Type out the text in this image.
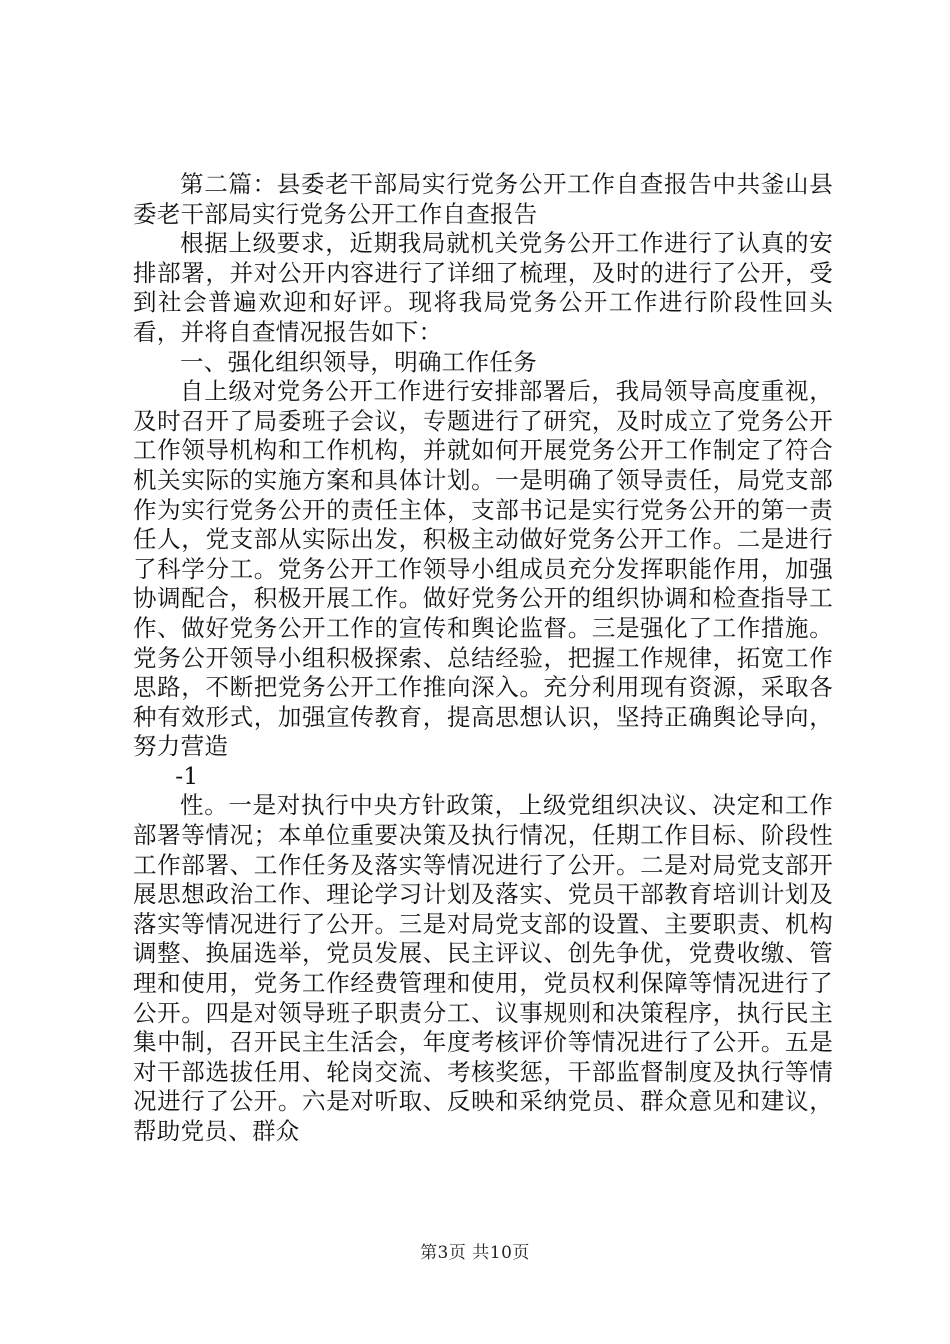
第二篇：县委老干部局实行党务公开工作自查报告中共釜山县委老干部局实行党务公开工作自查报告

根据上级要求，近期我局就机关党务公开工作进行了认真的安排部署，并对公开内容进行了详细了梳理，及时的进行了公开，受到社会普遍欢迎和好评。现将我局党务公开工作进行阶段性回头看，并将自查情况报告如下：

一、强化组织领导，明确工作任务

自上级对党务公开工作进行安排部署后，我局领导高度重视，及时召开了局委班子会议，专题进行了研究，及时成立了党务公开工作领导机构和工作机构，并就如何开展党务公开工作制定了符合机关实际的实施方案和具体计划。一是明确了领导责任，局党支部作为实行党务公开的责任主体，支部书记是实行党务公开的第一责任人，党支部从实际出发，积极主动做好党务公开工作。二是进行了科学分工。党务公开工作领导小组成员充分发挥职能作用，加强协调配合，积极开展工作。做好党务公开的组织协调和检查指导工作、做好党务公开工作的宣传和舆论监督。三是强化了工作措施。党务公开领导小组积极探索、总结经验，把握工作规律，拓宽工作思路，不断把党务公开工作推向深入。充分利用现有资源，采取各种有效形式，加强宣传教育，提高思想认识，坚持正确舆论导向，努力营造

-1

性。一是对执行中央方针政策，上级党组织决议、决定和工作部署等情况；本单位重要决策及执行情况，任期工作目标、阶段性工作部署、工作任务及落实等情况进行了公开。二是对局党支部开展思想政治工作、理论学习计划及落实、党员干部教育培训计划及落实等情况进行了公开。三是对局党支部的设置、主要职责、机构调整、换届选举，党员发展、民主评议、创先争优，党费收缴、管理和使用，党务工作经费管理和使用，党员权利保障等情况进行了公开。四是对领导班子职责分工、议事规则和决策程序，执行民主集中制，召开民主生活会，年度考核评价等情况进行了公开。五是对干部选拔任用、轮岗交流、考核奖惩，干部监督制度及执行等情况进行了公开。六是对听取、反映和采纳党员、群众意见和建议，帮助党员、群众

第3页 共10页
